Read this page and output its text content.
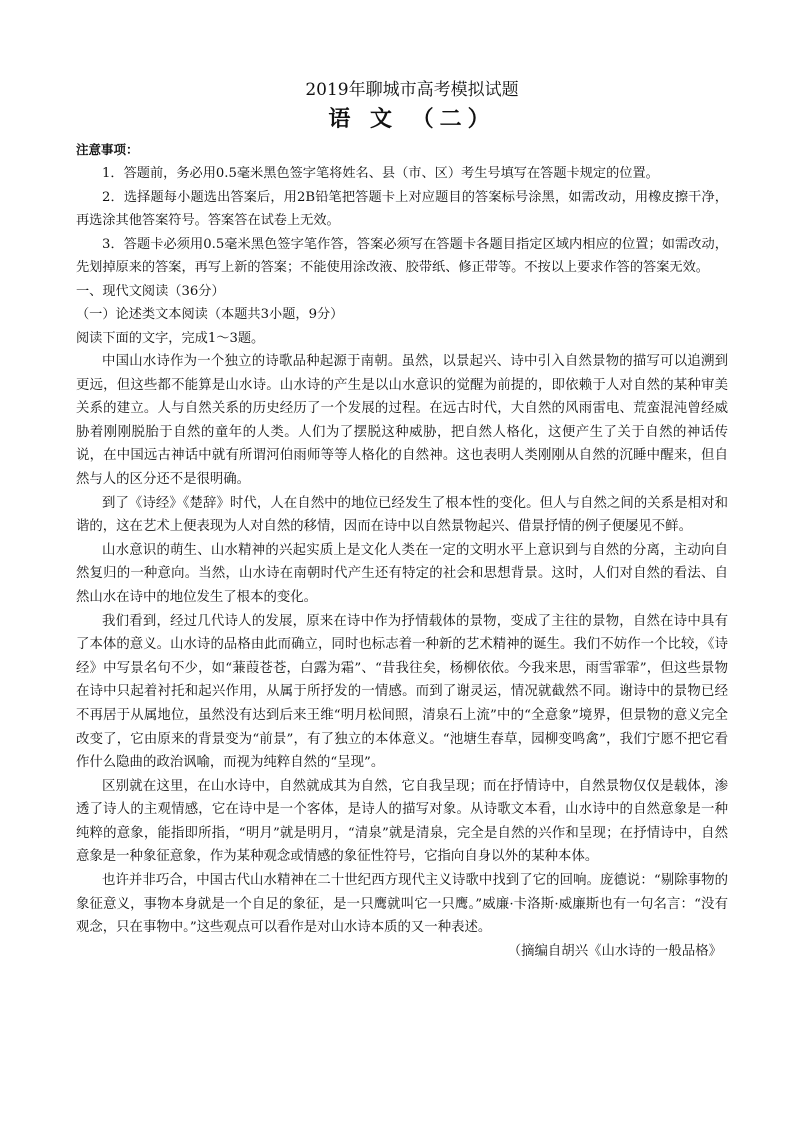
2019年聊城市高考模拟试题
语 文 （二）
注意事项：

1．答题前，务必用0.5毫米黑色签字笔将姓名、县（市、区）考生号填写在答题卡规定的位置。

2．选择题每小题选出答案后，用2B铅笔把答题卡上对应题目的答案标号涂黑，如需改动，用橡皮擦干净，再选涂其他答案符号。答案答在试卷上无效。

3．答题卡必须用0.5毫米黑色签字笔作答，答案必须写在答题卡各题目指定区域内相应的位置；如需改动，先划掉原来的答案，再写上新的答案；不能使用涂改液、胶带纸、修正带等。不按以上要求作答的答案无效。

一、现代文阅读（36分）

（一）论述类文本阅读（本题共3小题，9分）

阅读下面的文字，完成1～3题。

中国山水诗作为一个独立的诗歌品种起源于南朝。虽然，以景起兴、诗中引入自然景物的描写可以追溯到更远，但这些都不能算是山水诗。山水诗的产生是以山水意识的觉醒为前提的，即依赖于人对自然的某种审美关系的建立。人与自然关系的历史经历了一个发展的过程。在远古时代，大自然的风雨雷电、荒蛮混沌曾经威胁着刚刚脱胎于自然的童年的人类。人们为了摆脱这种威胁，把自然人格化，这便产生了关于自然的神话传说，在中国远古神话中就有所谓河伯雨师等等人格化的自然神。这也表明人类刚刚从自然的沉睡中醒来，但自然与人的区分还不是很明确。

到了《诗经》《楚辞》时代，人在自然中的地位已经发生了根本性的变化。但人与自然之间的关系是相对和谐的，这在艺术上便表现为人对自然的移情，因而在诗中以自然景物起兴、借景抒情的例子便屡见不鲜。

山水意识的萌生、山水精神的兴起实质上是文化人类在一定的文明水平上意识到与自然的分离，主动向自然复归的一种意向。当然，山水诗在南朝时代产生还有特定的社会和思想背景。这时，人们对自然的看法、自然山水在诗中的地位发生了根本的变化。

我们看到，经过几代诗人的发展，原来在诗中作为抒情载体的景物，变成了主往的景物，自然在诗中具有了本体的意义。山水诗的品格由此而确立，同时也标志着一种新的艺术精神的诞生。我们不妨作一个比较，《诗经》中写景名句不少，如“蒹葭苍苍，白露为霜”、“昔我往矣，杨柳依依。今我来思，雨雪霏霏”，但这些景物在诗中只起着衬托和起兴作用，从属于所抒发的一情感。而到了谢灵运，情况就截然不同。谢诗中的景物已经不再居于从属地位，虽然没有达到后来王维“明月松间照，清泉石上流”中的“全意象”境界，但景物的意义完全改变了，它由原来的背景变为“前景”，有了独立的本体意义。“池塘生春草，园柳变鸣禽”，我们宁愿不把它看作什么隐曲的政治讽喻，而视为纯粹自然的“呈现”。

区别就在这里，在山水诗中，自然就成其为自然，它自我呈现；而在抒情诗中，自然景物仅仅是载体，渗透了诗人的主观情感，它在诗中是一个客体，是诗人的描写对象。从诗歌文本看，山水诗中的自然意象是一种纯粹的意象，能指即所指，“明月”就是明月，“清泉”就是清泉，完全是自然的兴作和呈现；在抒情诗中，自然意象是一种象征意象，作为某种观念或情感的象征性符号，它指向自身以外的某种本体。

也许并非巧合，中国古代山水精神在二十世纪西方现代主义诗歌中找到了它的回响。庞德说：“剔除事物的象征意义，事物本身就是一个自足的象征，是一只鹰就叫它一只鹰。”威廉·卡洛斯·威廉斯也有一句名言：“没有观念，只在事物中。”这些观点可以看作是对山水诗本质的又一种表述。

（摘编自胡兴《山水诗的一般品格》
